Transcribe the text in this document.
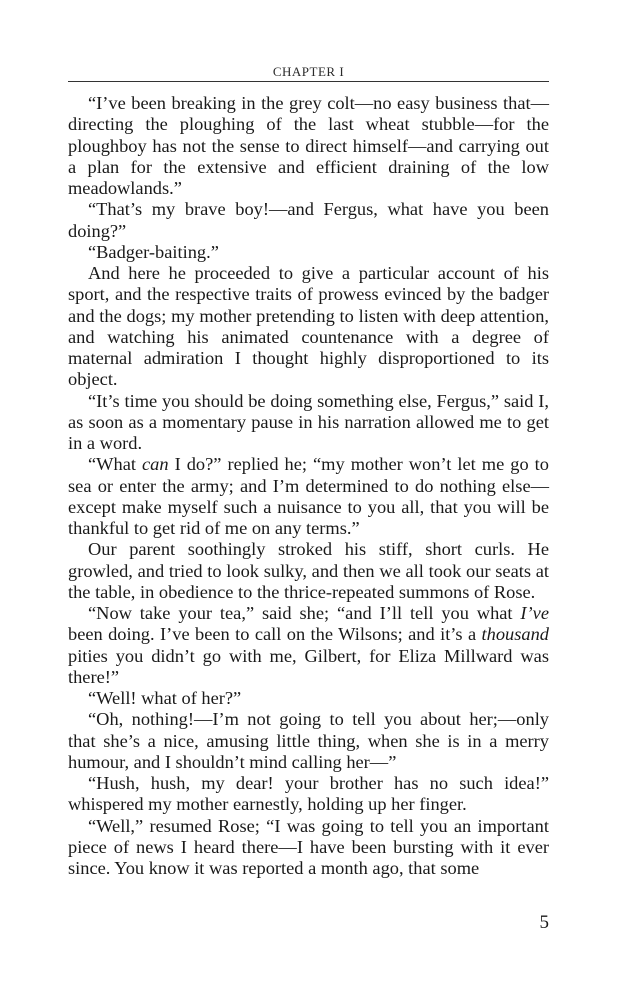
CHAPTER I

“I’ve been breaking in the grey colt—no easy business that—directing the ploughing of the last wheat stubble—for the ploughboy has not the sense to direct himself—and carrying out a plan for the extensive and efficient draining of the low meadowlands.”

“That’s my brave boy!—and Fergus, what have you been doing?”

“Badger-baiting.”

And here he proceeded to give a particular account of his sport, and the respective traits of prowess evinced by the badger and the dogs; my mother pretending to listen with deep attention, and watching his animated countenance with a degree of maternal admiration I thought highly disproportioned to its object.

“It’s time you should be doing something else, Fergus,” said I, as soon as a momentary pause in his narration allowed me to get in a word.

“What can I do?” replied he; “my mother won’t let me go to sea or enter the army; and I’m determined to do nothing else—except make myself such a nuisance to you all, that you will be thankful to get rid of me on any terms.”

Our parent soothingly stroked his stiff, short curls. He growled, and tried to look sulky, and then we all took our seats at the table, in obedience to the thrice-repeated summons of Rose.

“Now take your tea,” said she; “and I’ll tell you what I’ve been doing. I’ve been to call on the Wilsons; and it’s a thousand pities you didn’t go with me, Gilbert, for Eliza Millward was there!”

“Well! what of her?”

“Oh, nothing!—I’m not going to tell you about her;—only that she’s a nice, amusing little thing, when she is in a merry humour, and I shouldn’t mind calling her—”

“Hush, hush, my dear! your brother has no such idea!” whispered my mother earnestly, holding up her finger.

“Well,” resumed Rose; “I was going to tell you an important piece of news I heard there—I have been bursting with it ever since. You know it was reported a month ago, that some

5
